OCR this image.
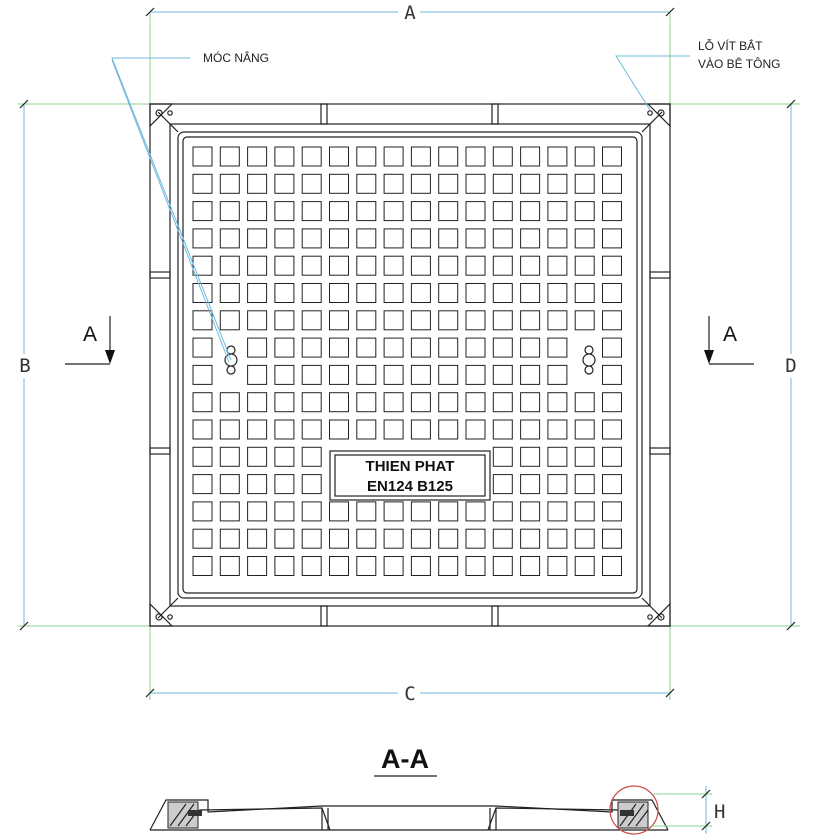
A
C
B	D
THIEN PHAT
EN124 B125
MÓC NÂNG
LỖ VÍT BẮT
VÀO BÊ TÔNG
A	A
A-A
H
